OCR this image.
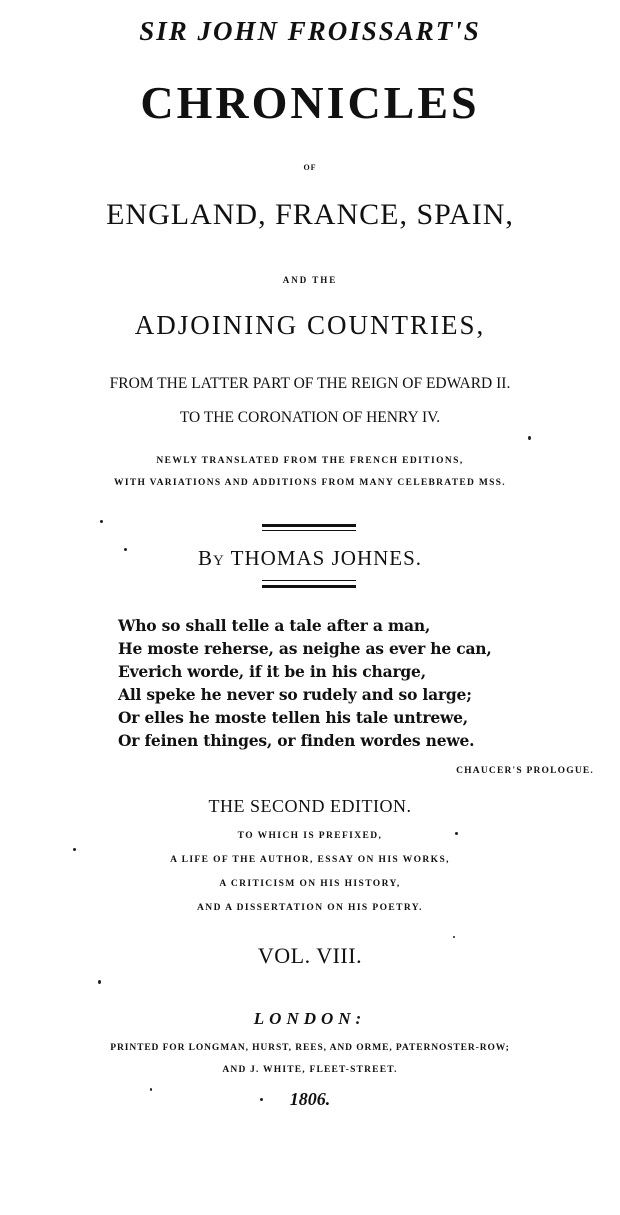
SIR JOHN FROISSART'S
CHRONICLES
OF
ENGLAND, FRANCE, SPAIN,
AND THE
ADJOINING COUNTRIES,
FROM THE LATTER PART OF THE REIGN OF EDWARD II.
TO THE CORONATION OF HENRY IV.
NEWLY TRANSLATED FROM THE FRENCH EDITIONS,
WITH VARIATIONS AND ADDITIONS FROM MANY CELEBRATED MSS.
By THOMAS JOHNES.
Who so shall telle a tale after a man,
He moste reherse, as neighe as ever he can,
Everich worde, if it be in his charge,
All speke he never so rudely and so large;
Or elles he moste tellen his tale untrewe,
Or feinen thinges, or finden wordes newe.
CHAUCER'S PROLOGUE.
THE SECOND EDITION.
TO WHICH IS PREFIXED,
A LIFE OF THE AUTHOR, ESSAY ON HIS WORKS,
A CRITICISM ON HIS HISTORY,
AND A DISSERTATION ON HIS POETRY.
VOL. VIII.
LONDON:
PRINTED FOR LONGMAN, HURST, REES, AND ORME, PATERNOSTER-ROW;
AND J. WHITE, FLEET-STREET.
1806.
